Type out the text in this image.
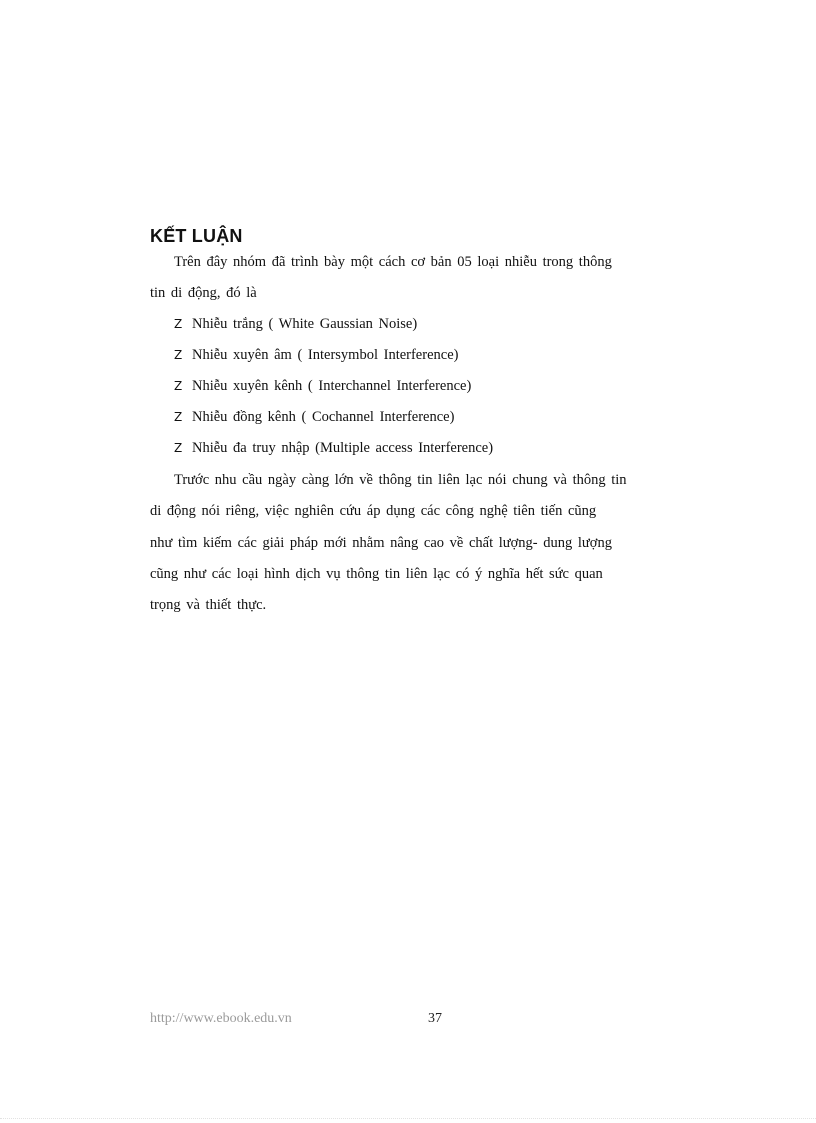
KẾT LUẬN
Trên đây nhóm đã trình bày một cách cơ bản 05 loại nhiễu trong thông
tin di động, đó là
Z Nhiễu trắng ( White Gaussian Noise)
Z Nhiễu xuyên âm ( Intersymbol Interference)
Z Nhiễu xuyên kênh ( Interchannel Interference)
Z Nhiễu đồng kênh ( Cochannel Interference)
Z Nhiễu đa truy nhập (Multiple access Interference)
Trước nhu cầu ngày càng lớn về thông tin liên lạc nói chung và thông tin
di động nói riêng, việc nghiên cứu áp dụng các công nghệ tiên tiến cũng
như tìm kiếm các giải pháp mới nhằm nâng cao về chất lượng- dung lượng
cũng như các loại hình dịch vụ thông tin liên lạc có ý nghĩa hết sức quan
trọng và thiết thực.
http://www.ebook.edu.vn	37
